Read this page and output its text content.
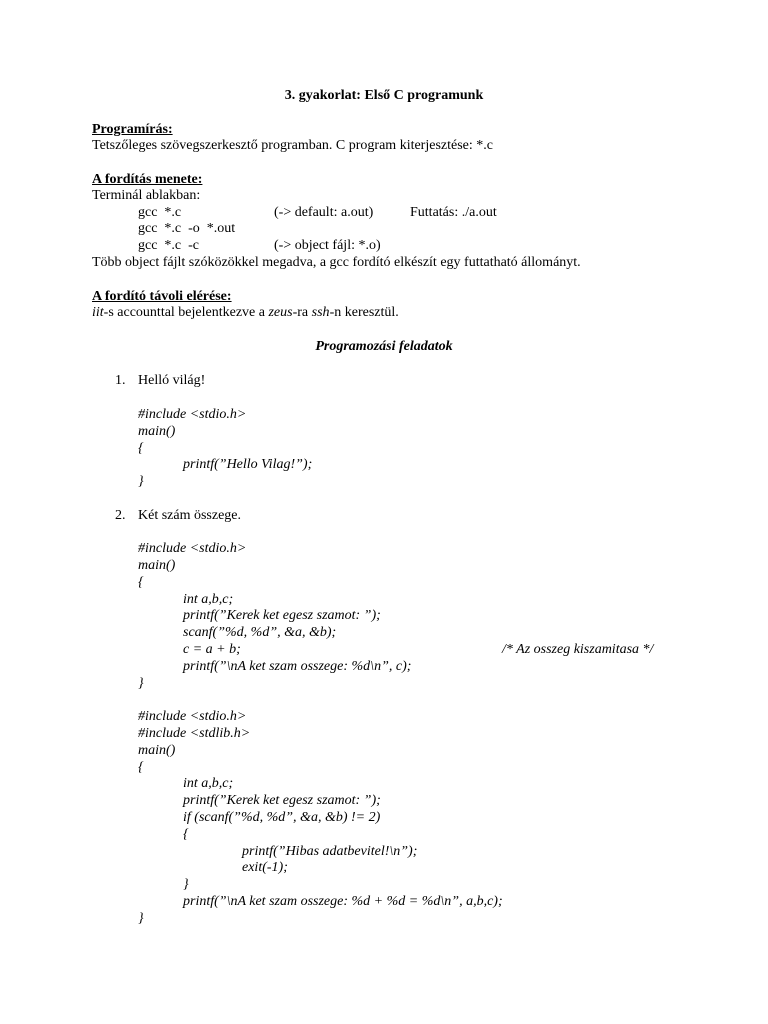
3. gyakorlat: Első C programunk
Programírás:
Tetszőleges szövegszerkesztő programban. C program kiterjesztése: *.c
A fordítás menete:
Terminál ablakban:
gcc  *.c	(-> default: a.out)	Futtatás: ./a.out
gcc  *.c  -o  *.out
gcc  *.c  -c	(-> object fájl: *.o)
Több object fájlt szóközökkel megadva, a gcc fordító elkészít egy futtatható állományt.
A fordító távoli elérése:
iit-s accounttal bejelentkezve a zeus-ra ssh-n keresztül.
Programozási feladatok
1. Helló világ!
#include <stdio.h>
main()
{
printf(”Hello Vilag!”);
}
2. Két szám összege.
#include <stdio.h>
main()
{
int a,b,c;
printf(”Kerek ket egesz szamot: ”);
scanf(”%d, %d”, &a, &b);
c = a + b;	/* Az osszeg kiszamitasa */
printf(”\nA ket szam osszege: %d\n”, c);
}
#include <stdio.h>
#include <stdlib.h>
main()
{
int a,b,c;
printf(”Kerek ket egesz szamot: ”);
if (scanf(”%d, %d”, &a, &b) != 2)
{
printf(”Hibas adatbevitel!\n”);
exit(-1);
}
printf(”\nA ket szam osszege: %d + %d = %d\n”, a,b,c);
}
